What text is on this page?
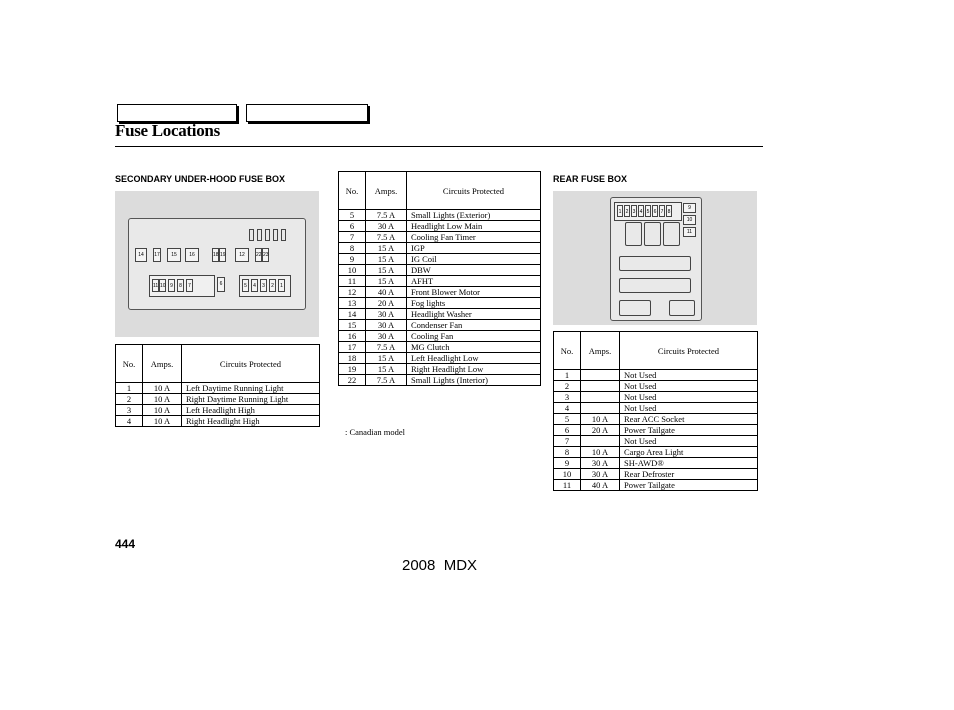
Fuse Locations
SECONDARY UNDER-HOOD FUSE BOX
14	17	15	16	18 19	12	22 23
11 10 9	8	7	6	5	4	3	2	1
No.	Amps.	Circuits Protected
1	10 A	Left Daytime Running Light
2	10 A	Right Daytime Running Light
3	10 A	Left Headlight High
4	10 A	Right Headlight High
No.	Amps.	Circuits Protected
5	7.5 A	Small Lights (Exterior)
6	30 A	Headlight Low Main
7	7.5 A	Cooling Fan Timer
8	15 A	IGP
9	15 A	IG Coil
10	15 A	DBW
11	15 A	AFHT
12	40 A	Front Blower Motor
13	20 A	Fog lights
14	30 A	Headlight Washer
15	30 A	Condenser Fan
16	30 A	Cooling Fan
17	7.5 A	MG Clutch
18	15 A	Left Headlight Low
19	15 A	Right Headlight Low
22	7.5 A	Small Lights (Interior)
: Canadian model
REAR FUSE BOX
1 2 3 4 5 6 7 8
9
10
11
No.	Amps.	Circuits Protected
1		Not Used
2		Not Used
3		Not Used
4		Not Used
5	10 A	Rear ACC Socket
6	20 A	Power Tailgate
7		Not Used
8	10 A	Cargo Area Light
9	30 A	SH-AWD®
10	30 A	Rear Defroster
11	40 A	Power Tailgate
444
2008  MDX
